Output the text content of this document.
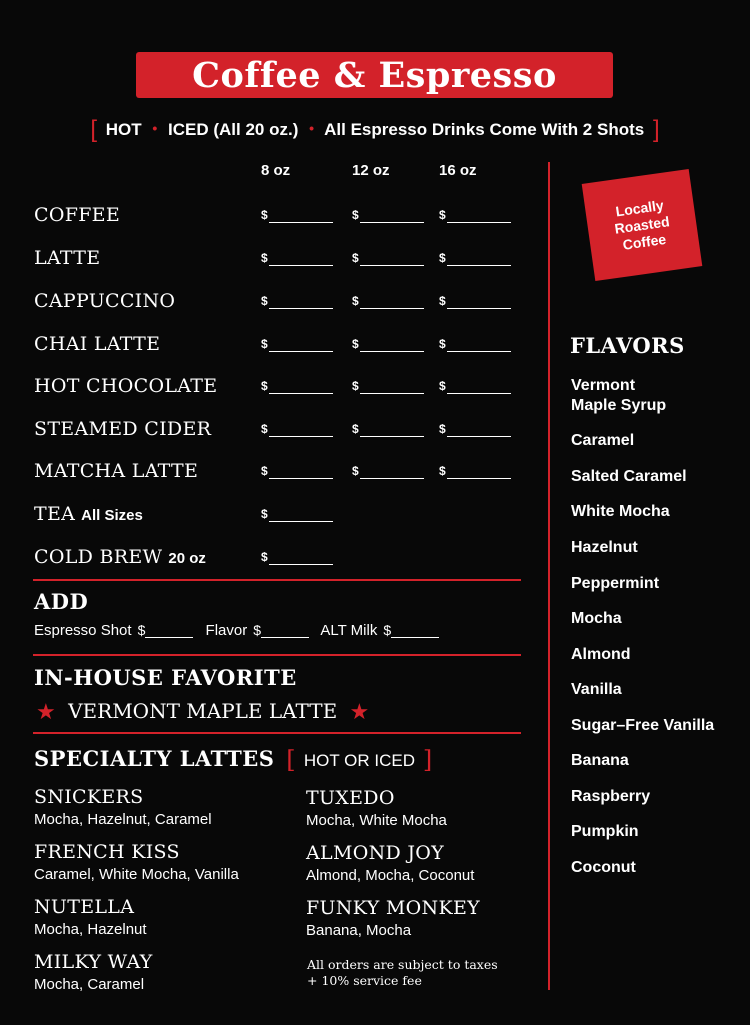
Coffee & Espresso
[ HOT • ICED (All 20 oz.) • All Espresso Drinks Come With 2 Shots ]
8 oz	12 oz	16 oz
COFFEE	$	$	$
LATTE	$	$	$
CAPPUCCINO	$	$	$
CHAI LATTE	$	$	$
HOT CHOCOLATE	$	$	$
STEAMED CIDER	$	$	$
MATCHA LATTE	$	$	$
TEA All Sizes	$
COLD BREW 20 oz	$
ADD
Espresso Shot $	Flavor $	ALT Milk $
IN-HOUSE FAVORITE
★ VERMONT MAPLE LATTE ★
SPECIALTY LATTES [ HOT OR ICED ]
SNICKERS
Mocha, Hazelnut, Caramel
FRENCH KISS
Caramel, White Mocha, Vanilla
NUTELLA
Mocha, Hazelnut
MILKY WAY
Mocha, Caramel
TUXEDO
Mocha, White Mocha
ALMOND JOY
Almond, Mocha, Coconut
FUNKY MONKEY
Banana, Mocha
All orders are subject to taxes
+ 10% service fee
Locally
Roasted
Coffee
FLAVORS
Vermont
Maple Syrup
Caramel
Salted Caramel
White Mocha
Hazelnut
Peppermint
Mocha
Almond
Vanilla
Sugar–Free Vanilla
Banana
Raspberry
Pumpkin
Coconut
